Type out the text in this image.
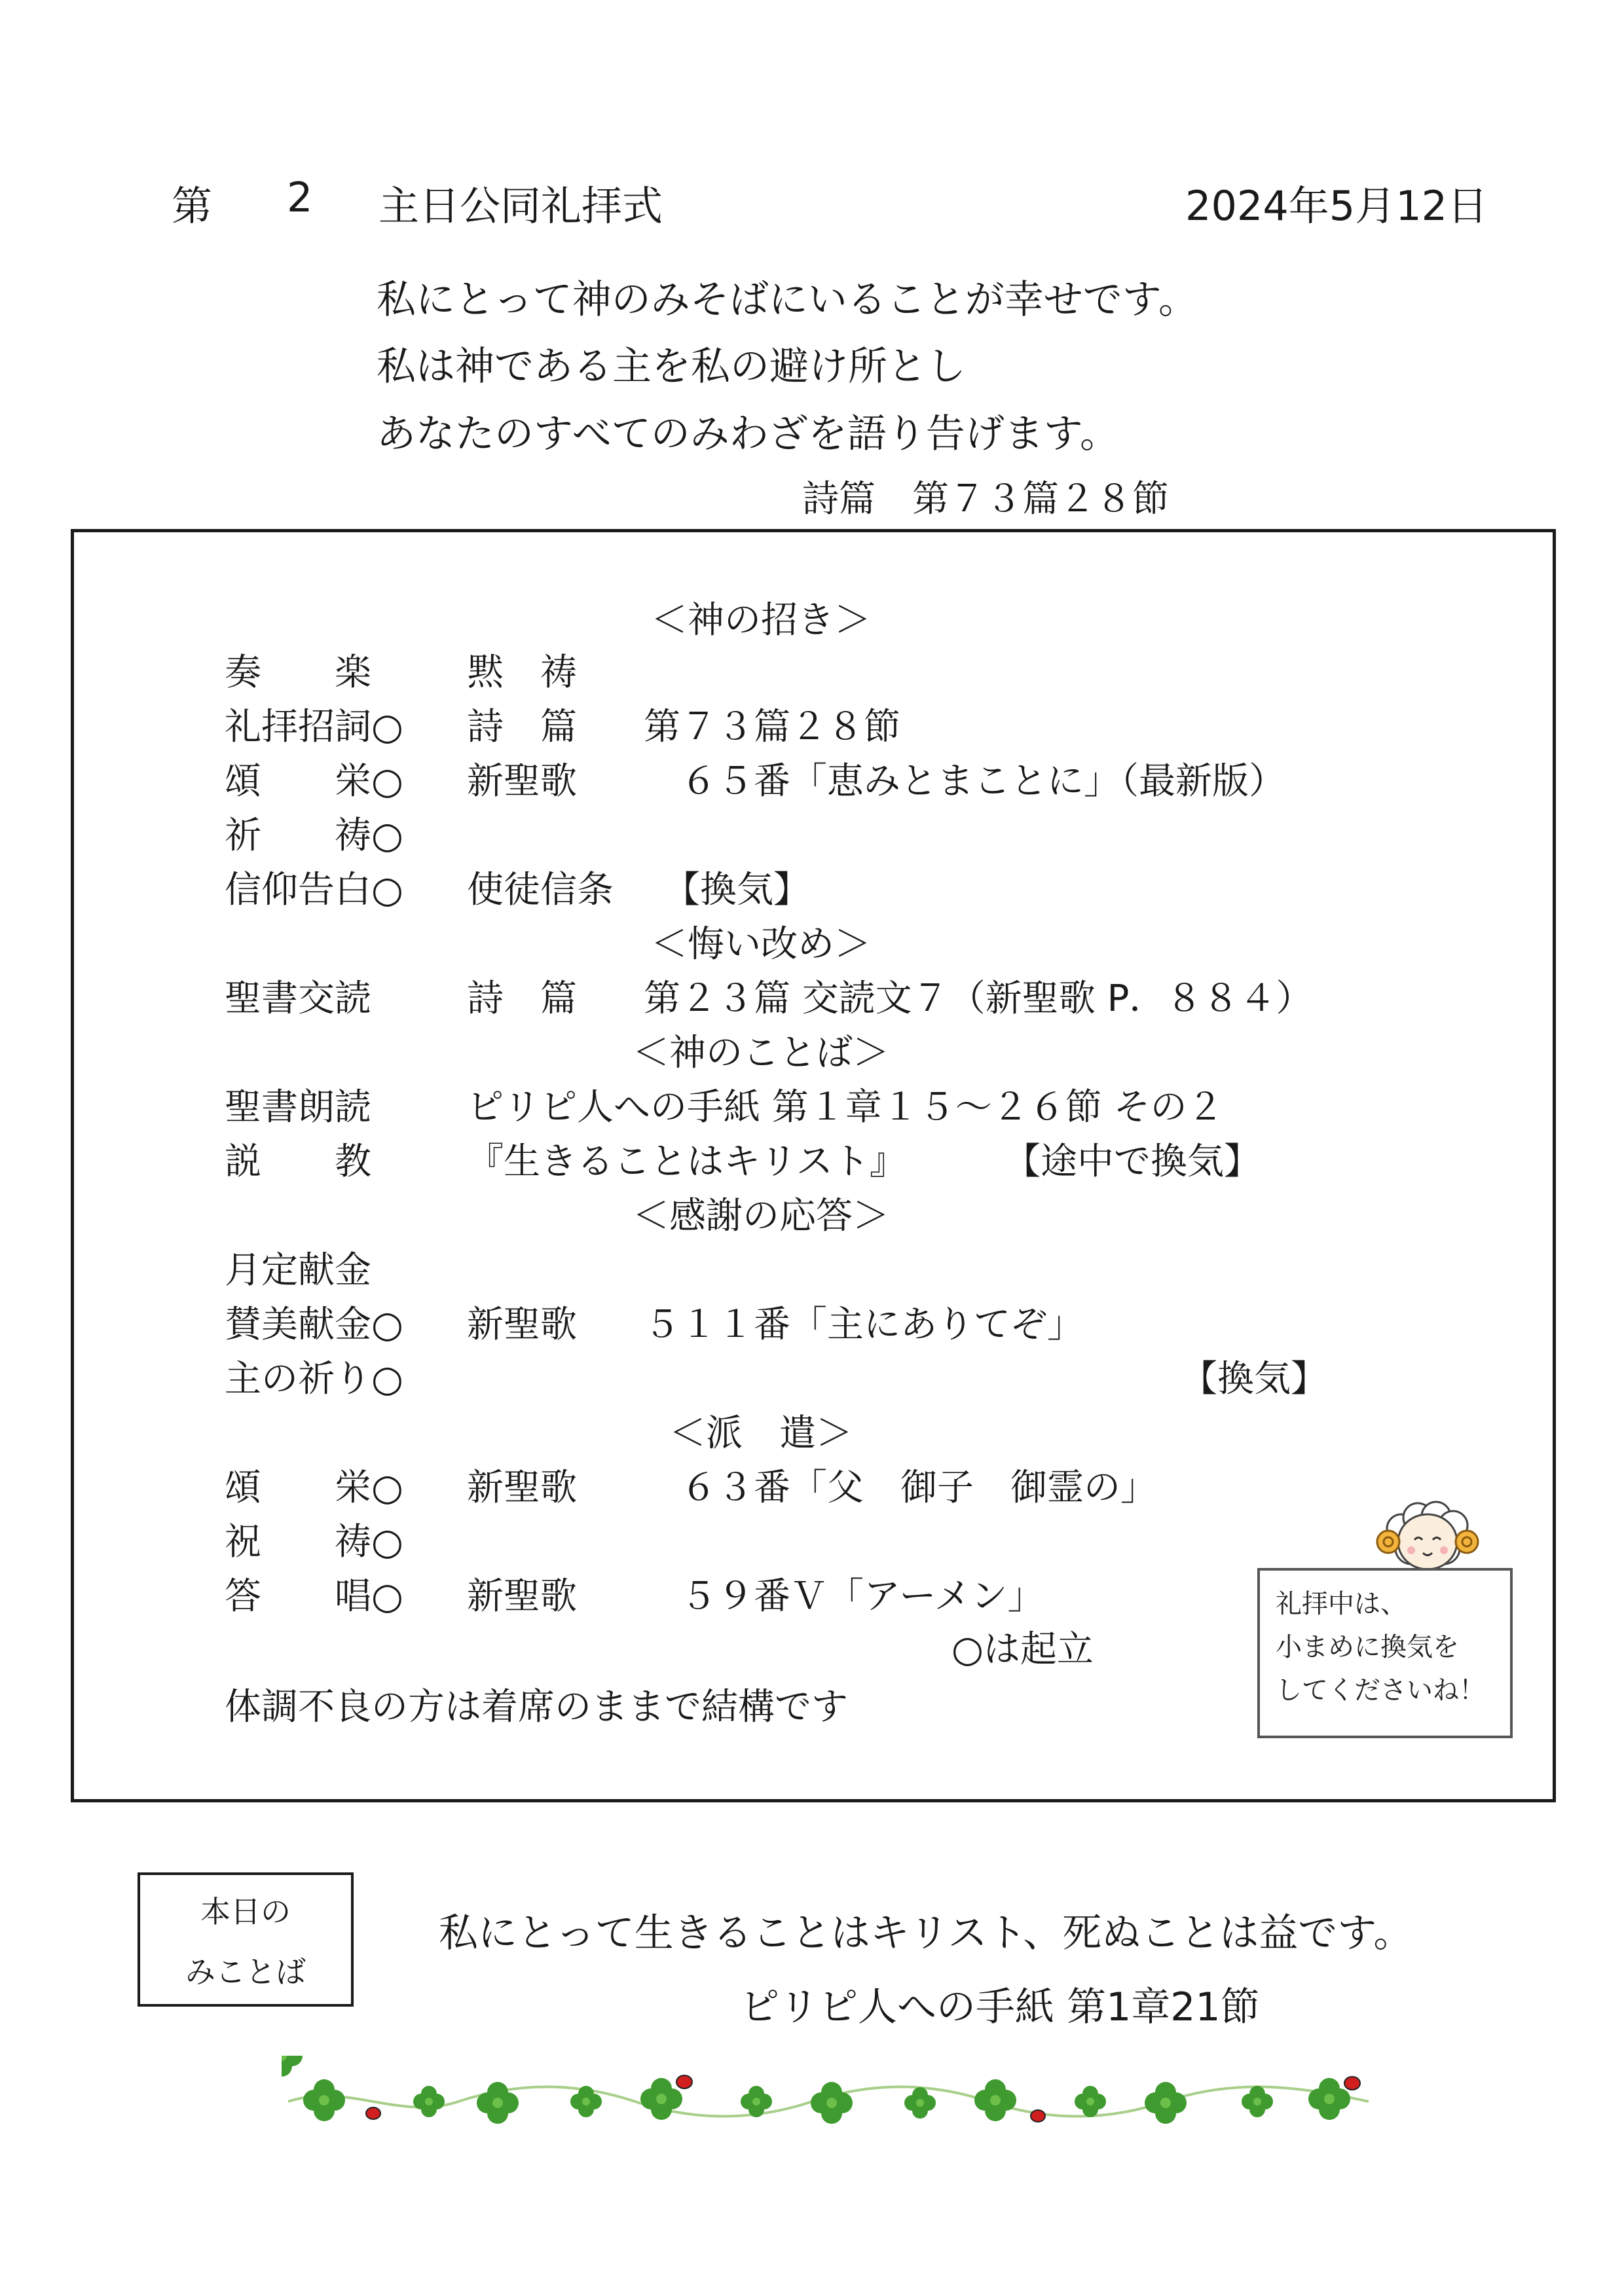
第 2 主日公同礼拝式	2024年5月12日
私にとって神のみそばにいることが幸せです。
私は神である主を私の避け所とし
あなたのすべてのみわざを語り告げます。
詩篇　第７３篇２８節
＜神の招き＞
奏　　楽	黙　祷
礼拝招詞○ 詩　篇 第７３篇２８節
頌　　栄○ 新聖歌 　６５番「恵みとまことに」（最新版）
祈　　祷○
信仰告白○ 使徒信条 【換気】
＜悔い改め＞
聖書交読	詩　篇 第２３篇 交読文７（新聖歌 P．８８４）
＜神のことば＞
聖書朗読	ピリピ人への手紙 第１章１５～２６節 その２
説　　教	『生きることはキリスト』	【途中で換気】
＜感謝の応答＞
月定献金
賛美献金○ 新聖歌 ５１１番「主にありてぞ」
主の祈り○	【換気】
＜派　遣＞
頌　　栄○ 新聖歌 　６３番「父　御子　御霊の」
祝　　祷○
答　　唱○ 新聖歌 　５９番Ｖ「アーメン」
○は起立
体調不良の方は着席のままで結構です
礼拝中は、
小まめに換気を
してくださいね！
本日の
みことば
私にとって生きることはキリスト、死ぬことは益です。
ピリピ人への手紙 第1章21節
